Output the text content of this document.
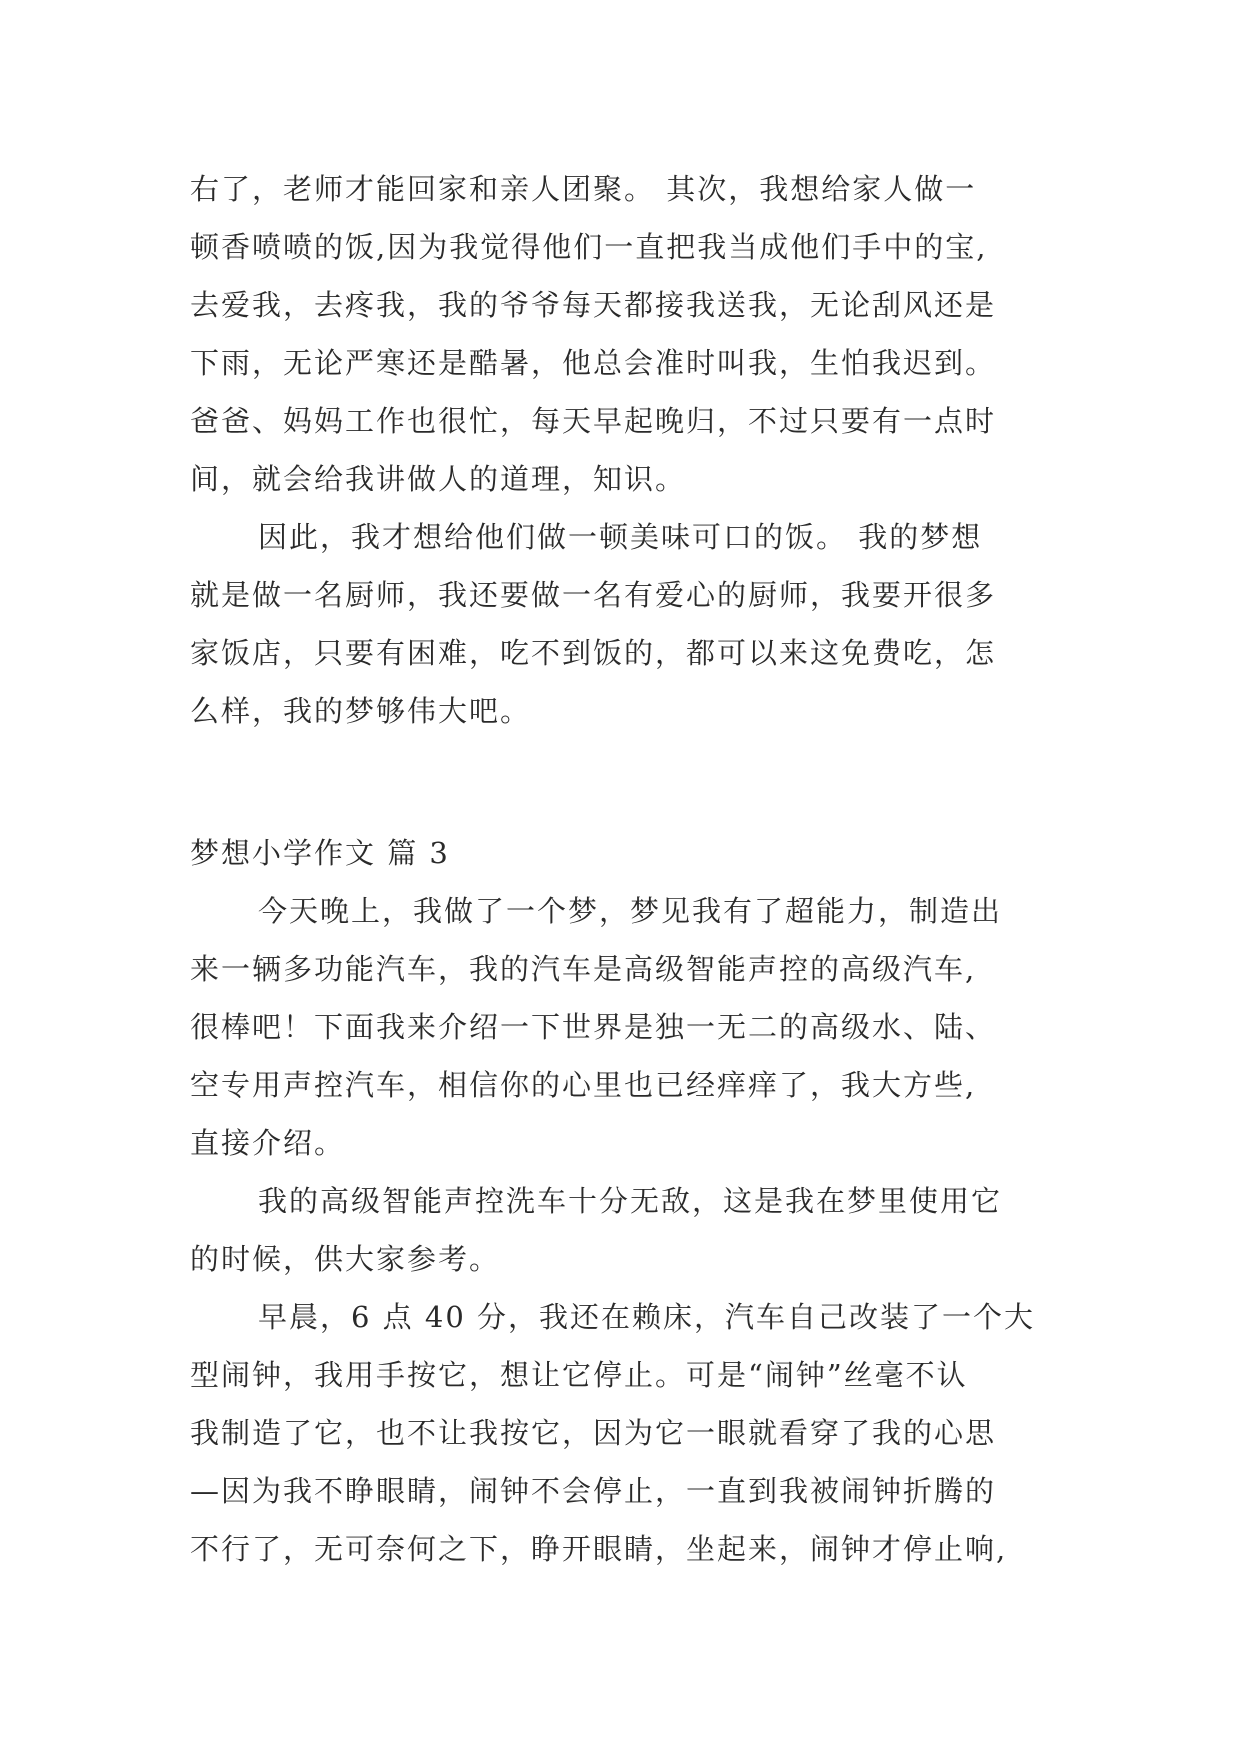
右了，老师才能回家和亲人团聚。 其次，我想给家人做一
顿香喷喷的饭,因为我觉得他们一直把我当成他们手中的宝,
去爱我，去疼我，我的爷爷每天都接我送我，无论刮风还是
下雨，无论严寒还是酷暑，他总会准时叫我，生怕我迟到。
爸爸、妈妈工作也很忙，每天早起晚归，不过只要有一点时
间，就会给我讲做人的道理，知识。
因此，我才想给他们做一顿美味可口的饭。 我的梦想
就是做一名厨师，我还要做一名有爱心的厨师，我要开很多
家饭店，只要有困难，吃不到饭的，都可以来这免费吃，怎
么样，我的梦够伟大吧。
梦想小学作文 篇 3
今天晚上，我做了一个梦，梦见我有了超能力，制造出
来一辆多功能汽车，我的汽车是高级智能声控的高级汽车,
很棒吧！下面我来介绍一下世界是独一无二的高级水、陆、
空专用声控汽车，相信你的心里也已经痒痒了，我大方些,
直接介绍。
我的高级智能声控洗车十分无敌，这是我在梦里使用它
的时候，供大家参考。
早晨，6 点 40 分，我还在赖床，汽车自己改装了一个大
型闹钟，我用手按它，想让它停止。可是“闹钟”丝毫不认
我制造了它，也不让我按它，因为它一眼就看穿了我的心思
—因为我不睁眼睛，闹钟不会停止，一直到我被闹钟折腾的
不行了，无可奈何之下，睁开眼睛，坐起来，闹钟才停止响,
